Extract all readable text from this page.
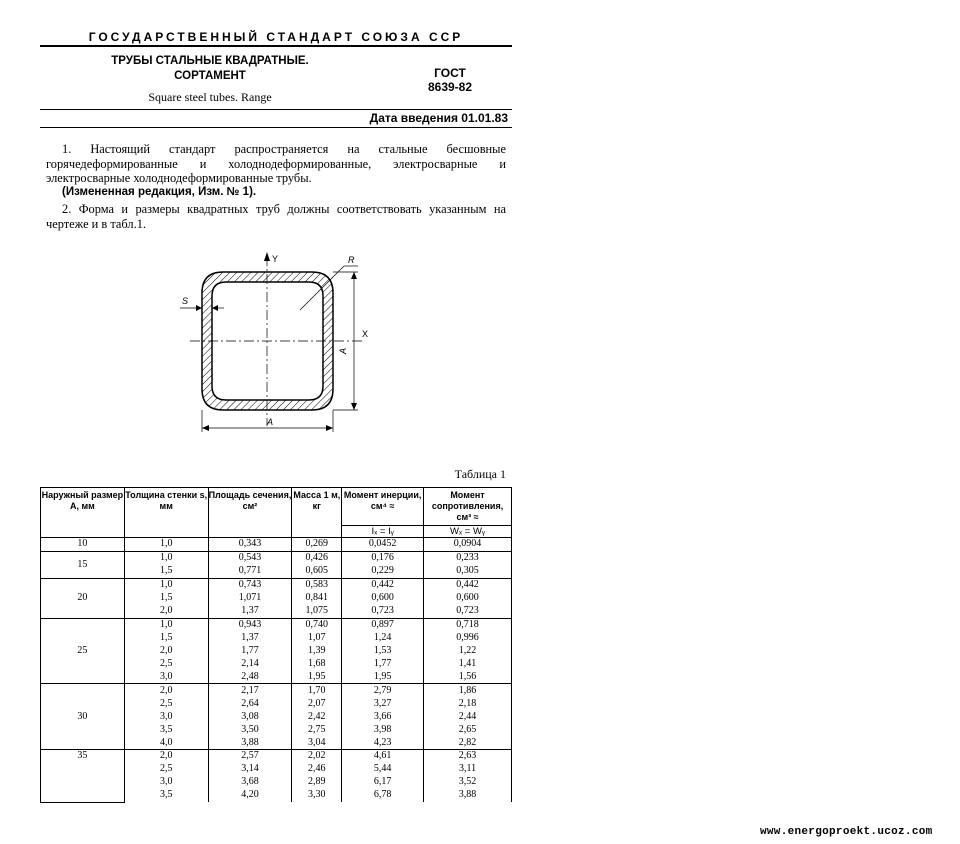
ГОСУДАРСТВЕННЫЙ СТАНДАРТ СОЮЗА ССР
ТРУБЫ СТАЛЬНЫЕ КВАДРАТНЫЕ.
СОРТАМЕНТ
Square steel tubes. Range
ГОСТ
8639-82
Дата введения 01.01.83
1. Настоящий стандарт распространяется на стальные бесшовные горячедеформированные и холоднодеформированные, электросварные и электросварные холоднодеформированные трубы.
(Измененная редакция, Изм. № 1).
2. Форма и размеры квадратных труб должны соответствовать указанным на чертеже и в табл.1.
Y
X
R
S
A
A
Таблица 1
Наружный размер А, мм	Толщина стенки s, мм	Площадь сечения, см²	Масса 1 м, кг	Момент инерции, см⁴ ≈	Момент сопротивления, см³ ≈
				Iₓ = Iᵧ	Wₓ = Wᵧ
10	1,0	0,343	0,269	0,0452	0,0904
15	1,0	0,543	0,426	0,176	0,233
	1,5	0,771	0,605	0,229	0,305
20	1,0	0,743	0,583	0,442	0,442
	1,5	1,071	0,841	0,600	0,600
	2,0	1,37	1,075	0,723	0,723
25	1,0	0,943	0,740	0,897	0,718
	1,5	1,37	1,07	1,24	0,996
	2,0	1,77	1,39	1,53	1,22
	2,5	2,14	1,68	1,77	1,41
	3,0	2,48	1,95	1,95	1,56
30	2,0	2,17	1,70	2,79	1,86
	2,5	2,64	2,07	3,27	2,18
	3,0	3,08	2,42	3,66	2,44
	3,5	3,50	2,75	3,98	2,65
	4,0	3,88	3,04	4,23	2,82
35	2,0	2,57	2,02	4,61	2,63
	2,5	3,14	2,46	5,44	3,11
	3,0	3,68	2,89	6,17	3,52
	3,5	4,20	3,30	6,78	3,88

www.energoproekt.ucoz.com
